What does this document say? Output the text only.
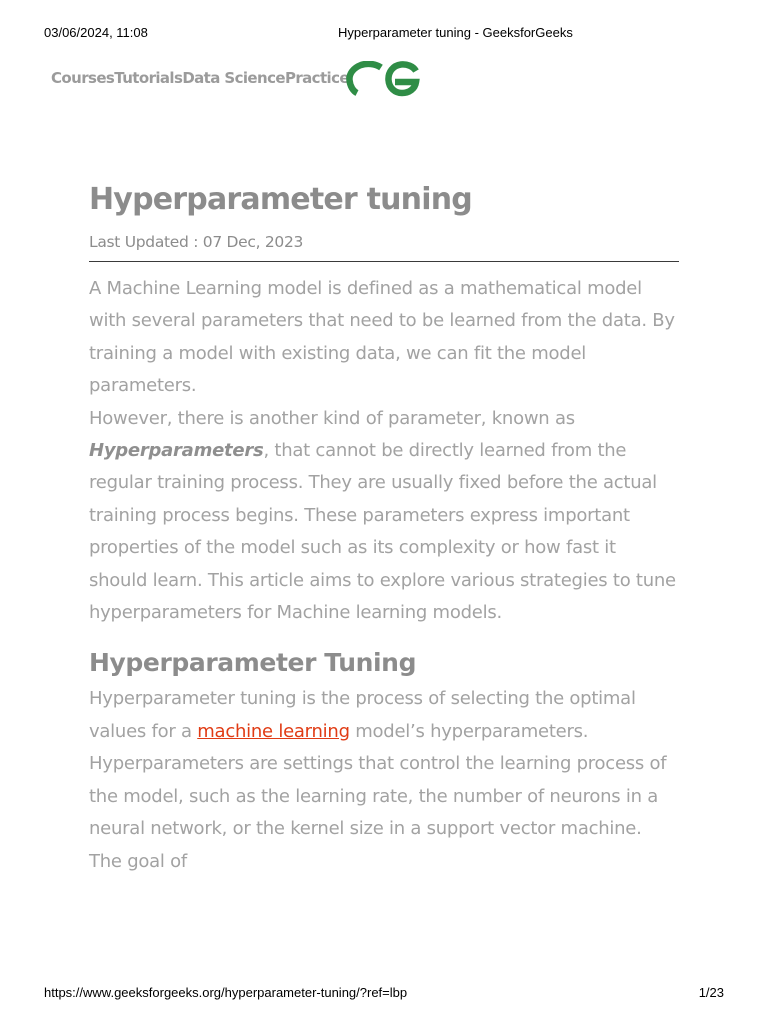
03/06/2024, 11:08	Hyperparameter tuning - GeeksforGeeks
Courses Tutorials Data Science Practice
Hyperparameter tuning
Last Updated : 07 Dec, 2023

A Machine Learning model is defined as a mathematical model with several parameters that need to be learned from the data. By training a model with existing data, we can fit the model parameters.

However, there is another kind of parameter, known as Hyperparameters, that cannot be directly learned from the regular training process. They are usually fixed before the actual training process begins. These parameters express important properties of the model such as its complexity or how fast it should learn. This article aims to explore various strategies to tune hyperparameters for Machine learning models.

Hyperparameter Tuning

Hyperparameter tuning is the process of selecting the optimal values for a machine learning model’s hyperparameters. Hyperparameters are settings that control the learning process of the model, such as the learning rate, the number of neurons in a neural network, or the kernel size in a support vector machine. The goal of

https://www.geeksforgeeks.org/hyperparameter-tuning/?ref=lbp	1/23
